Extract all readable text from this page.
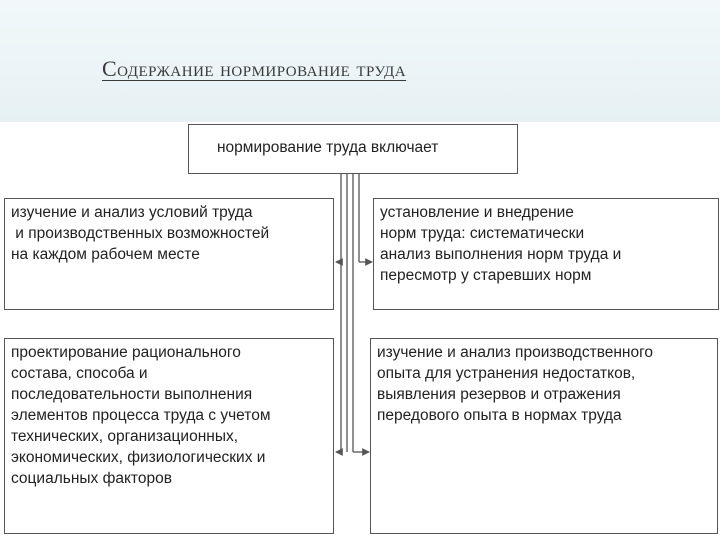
Содержание нормирование труда
нормирование труда включает
изучение и анализ условий труда
и производственных возможностей
на каждом рабочем месте
установление и внедрение
норм труда: систематически
анализ выполнения норм труда и
пересмотр у старевших норм
проектирование рационального
состава, способа и
последовательности выполнения
элементов процесса труда с учетом
технических, организационных,
экономических, физиологических и
социальных факторов
изучение и анализ производственного
опыта для устранения недостатков,
выявления резервов и отражения
передового опыта в нормах труда
